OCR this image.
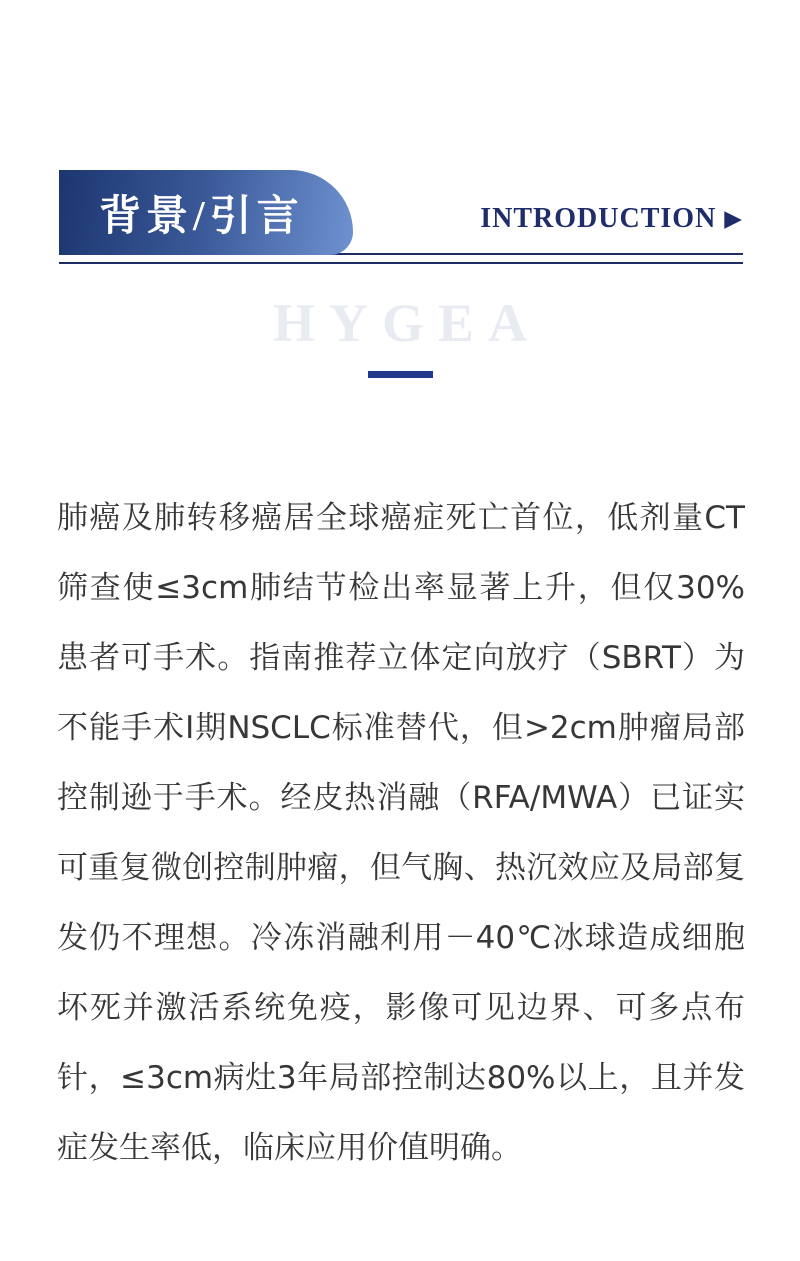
背景/引言	INTRODUCTION ▶
HYGEA

肺癌及肺转移癌居全球癌症死亡首位，低剂量CT筛查使≤3cm肺结节检出率显著上升，但仅30%患者可手术。指南推荐立体定向放疗（SBRT）为不能手术Ⅰ期NSCLC标准替代，但>2cm肿瘤局部控制逊于手术。经皮热消融（RFA/MWA）已证实可重复微创控制肿瘤，但气胸、热沉效应及局部复发仍不理想。冷冻消融利用－40℃冰球造成细胞坏死并激活系统免疫，影像可见边界、可多点布针，≤3cm病灶3年局部控制达80%以上，且并发症发生率低，临床应用价值明确。
